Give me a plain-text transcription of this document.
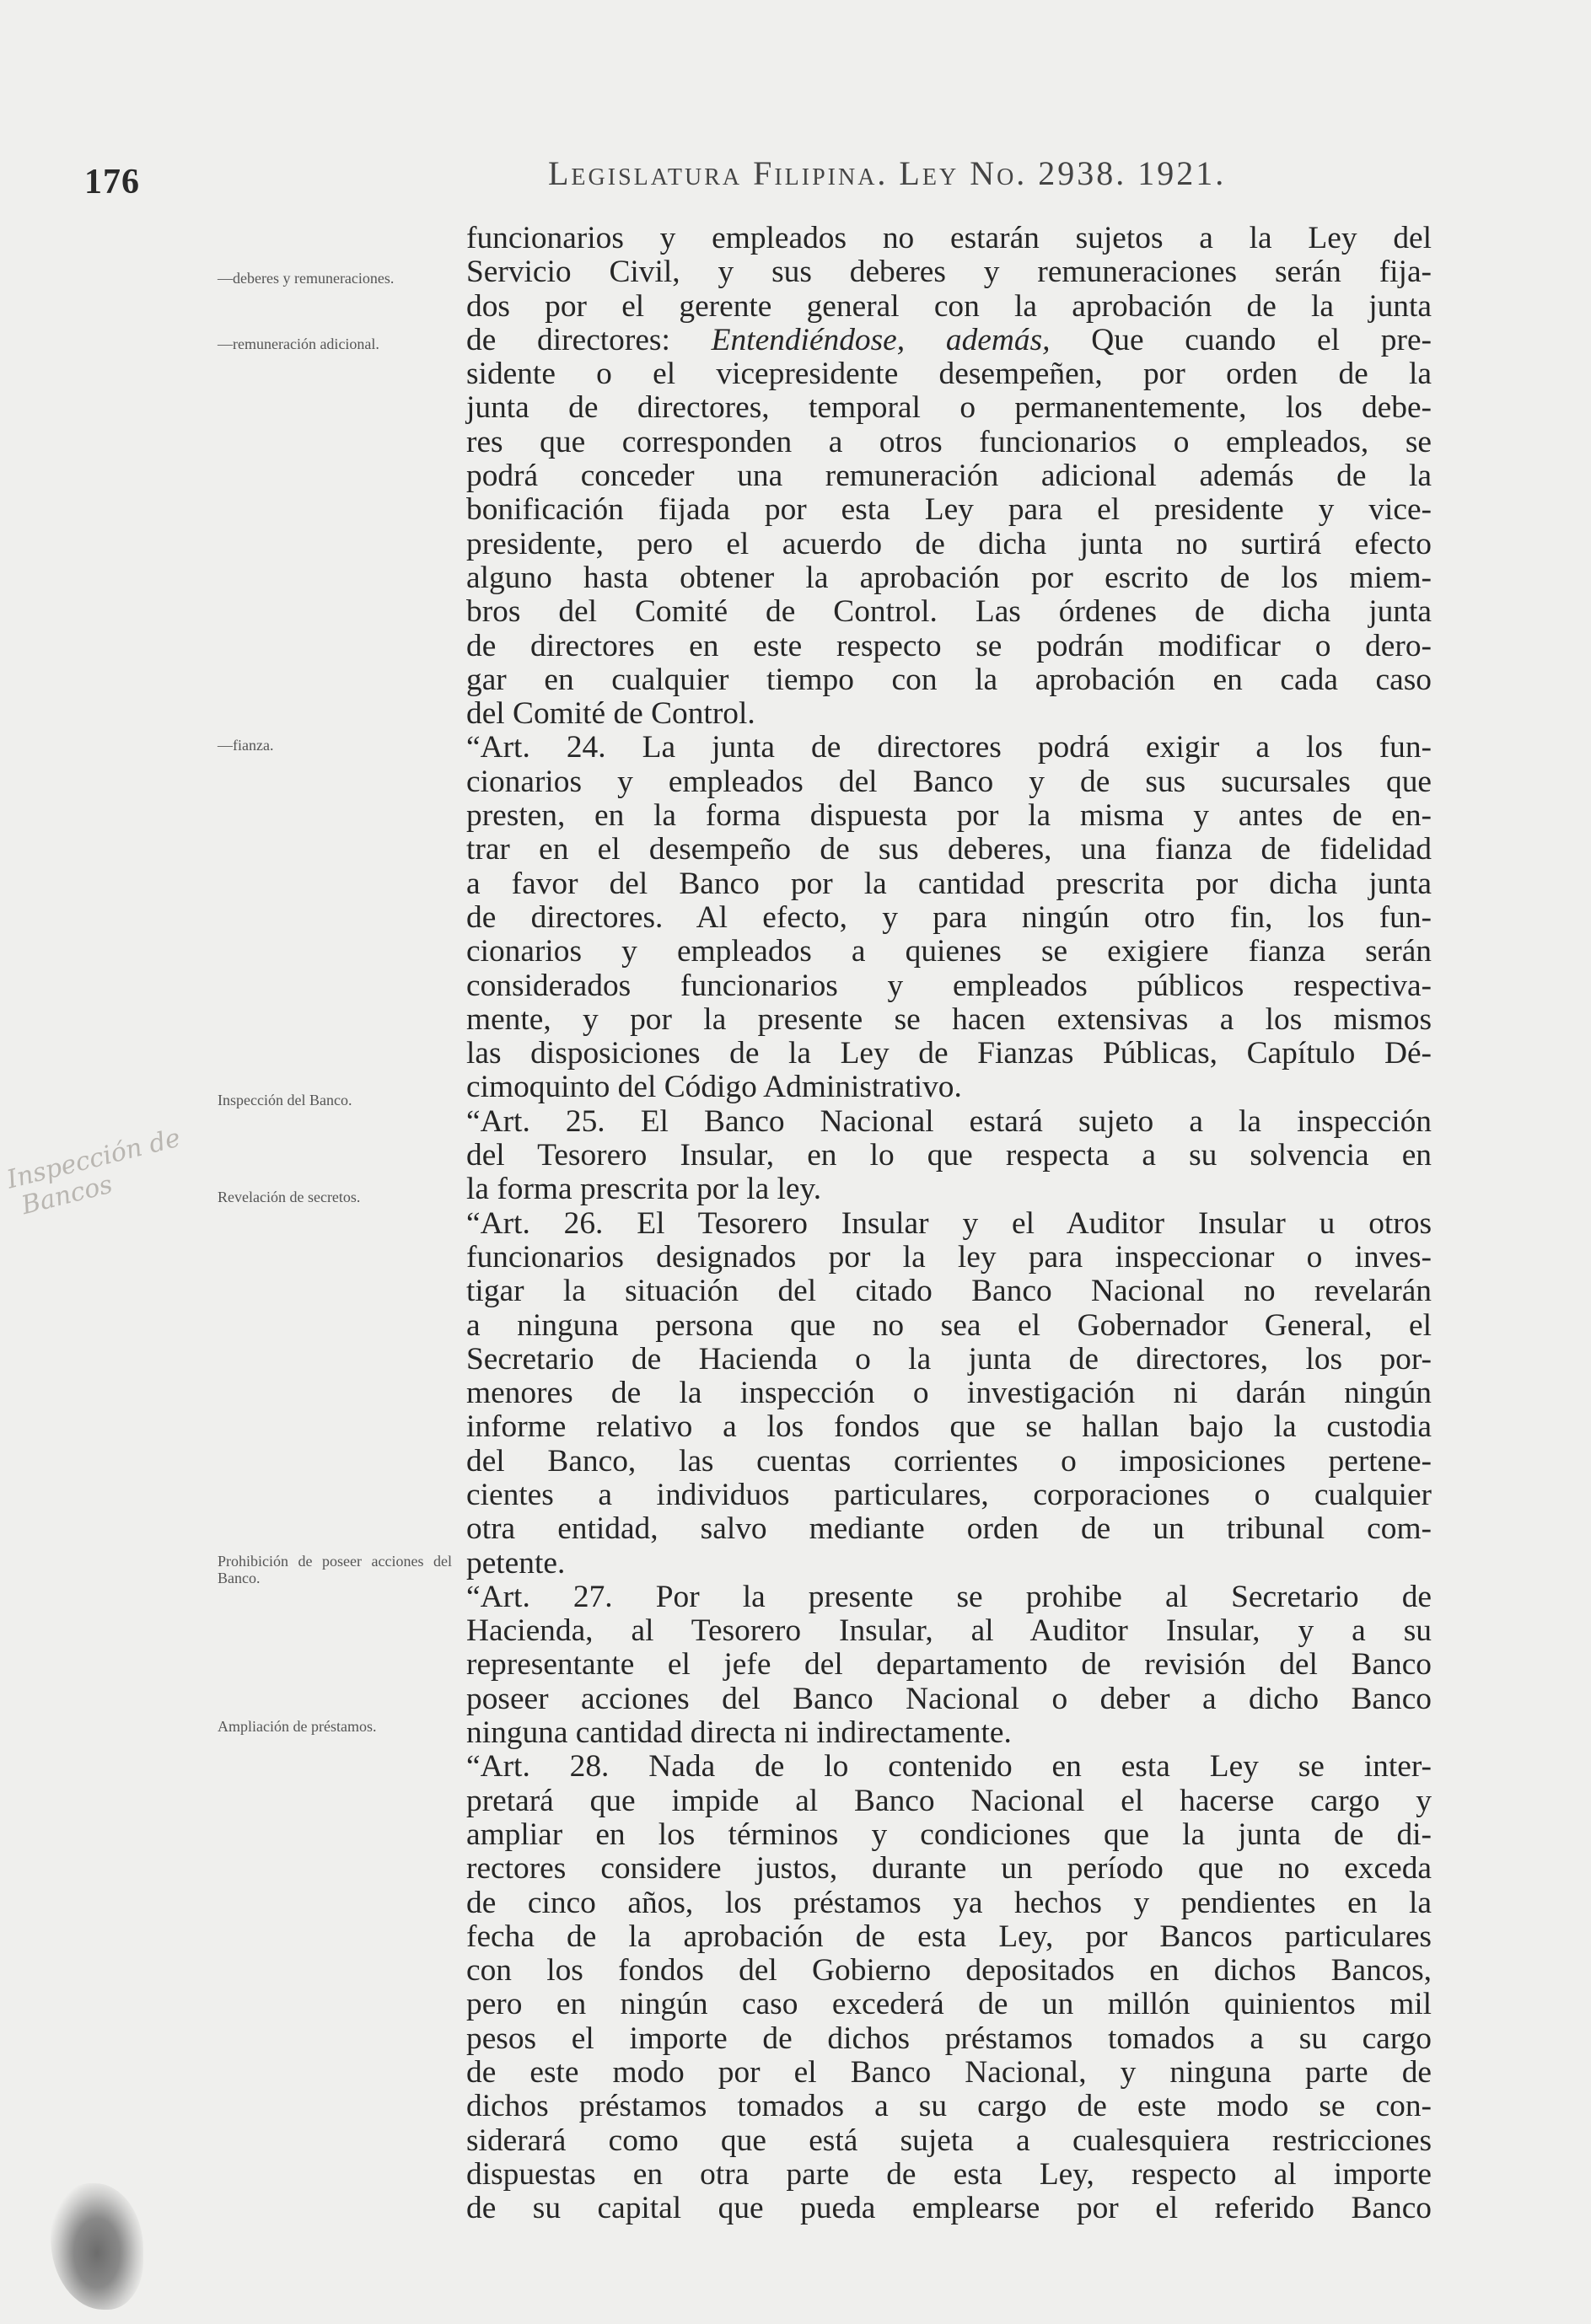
176	Legislatura Filipina. Ley No. 2938. 1921.
—deberes y remuneraciones.
—remuneración adicional.
—fianza.
Inspección del Banco.
Revelación de secretos.
Prohibición de poseer acciones del Banco.
Ampliación de préstamos.
Inspección de
Bancos
funcionarios y empleados no estarán sujetos a la Ley del
Servicio Civil, y sus deberes y remuneraciones serán fija-
dos por el gerente general con la aprobación de la junta
de directores: Entendiéndose, además, Que cuando el pre-
sidente o el vicepresidente desempeñen, por orden de la
junta de directores, temporal o permanentemente, los debe-
res que corresponden a otros funcionarios o empleados, se
podrá conceder una remuneración adicional además de la
bonificación fijada por esta Ley para el presidente y vice-
presidente, pero el acuerdo de dicha junta no surtirá efecto
alguno hasta obtener la aprobación por escrito de los miem-
bros del Comité de Control. Las órdenes de dicha junta
de directores en este respecto se podrán modificar o dero-
gar en cualquier tiempo con la aprobación en cada caso
del Comité de Control.
“Art. 24. La junta de directores podrá exigir a los fun-
cionarios y empleados del Banco y de sus sucursales que
presten, en la forma dispuesta por la misma y antes de en-
trar en el desempeño de sus deberes, una fianza de fidelidad
a favor del Banco por la cantidad prescrita por dicha junta
de directores. Al efecto, y para ningún otro fin, los fun-
cionarios y empleados a quienes se exigiere fianza serán
considerados funcionarios y empleados públicos respectiva-
mente, y por la presente se hacen extensivas a los mismos
las disposiciones de la Ley de Fianzas Públicas, Capítulo Dé-
cimoquinto del Código Administrativo.
“Art. 25. El Banco Nacional estará sujeto a la inspección
del Tesorero Insular, en lo que respecta a su solvencia en
la forma prescrita por la ley.
“Art. 26. El Tesorero Insular y el Auditor Insular u otros
funcionarios designados por la ley para inspeccionar o inves-
tigar la situación del citado Banco Nacional no revelarán
a ninguna persona que no sea el Gobernador General, el
Secretario de Hacienda o la junta de directores, los por-
menores de la inspección o investigación ni darán ningún
informe relativo a los fondos que se hallan bajo la custodia
del Banco, las cuentas corrientes o imposiciones pertene-
cientes a individuos particulares, corporaciones o cualquier
otra entidad, salvo mediante orden de un tribunal com-
petente.
“Art. 27. Por la presente se prohibe al Secretario de
Hacienda, al Tesorero Insular, al Auditor Insular, y a su
representante el jefe del departamento de revisión del Banco
poseer acciones del Banco Nacional o deber a dicho Banco
ninguna cantidad directa ni indirectamente.
“Art. 28. Nada de lo contenido en esta Ley se inter-
pretará que impide al Banco Nacional el hacerse cargo y
ampliar en los términos y condiciones que la junta de di-
rectores considere justos, durante un período que no exceda
de cinco años, los préstamos ya hechos y pendientes en la
fecha de la aprobación de esta Ley, por Bancos particulares
con los fondos del Gobierno depositados en dichos Bancos,
pero en ningún caso excederá de un millón quinientos mil
pesos el importe de dichos préstamos tomados a su cargo
de este modo por el Banco Nacional, y ninguna parte de
dichos préstamos tomados a su cargo de este modo se con-
siderará como que está sujeta a cualesquiera restricciones
dispuestas en otra parte de esta Ley, respecto al importe
de su capital que pueda emplearse por el referido Banco
